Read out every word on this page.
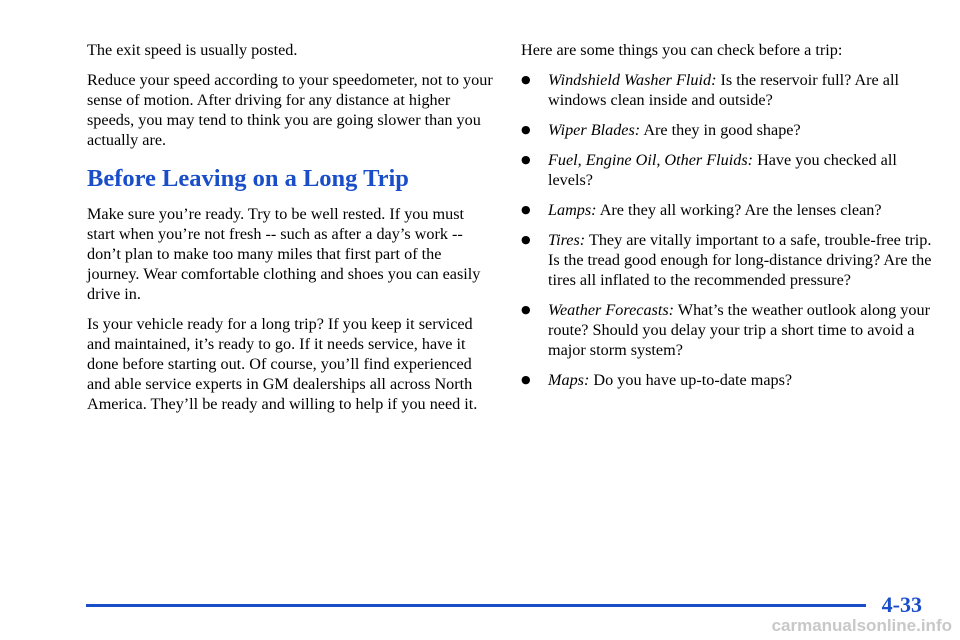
The exit speed is usually posted.

Reduce your speed according to your speedometer, not to your sense of motion. After driving for any distance at higher speeds, you may tend to think you are going slower than you actually are.

Before Leaving on a Long Trip

Make sure you’re ready. Try to be well rested. If you must start when you’re not fresh -- such as after a day’s work -- don’t plan to make too many miles that first part of the journey. Wear comfortable clothing and shoes you can easily drive in.

Is your vehicle ready for a long trip? If you keep it serviced and maintained, it’s ready to go. If it needs service, have it done before starting out. Of course, you’ll find experienced and able service experts in GM dealerships all across North America. They’ll be ready and willing to help if you need it.

Here are some things you can check before a trip:

● Windshield Washer Fluid: Is the reservoir full? Are all windows clean inside and outside?
● Wiper Blades: Are they in good shape?
● Fuel, Engine Oil, Other Fluids: Have you checked all levels?
● Lamps: Are they all working? Are the lenses clean?
● Tires: They are vitally important to a safe, trouble-free trip. Is the tread good enough for long-distance driving? Are the tires all inflated to the recommended pressure?
● Weather Forecasts: What’s the weather outlook along your route? Should you delay your trip a short time to avoid a major storm system?
● Maps: Do you have up-to-date maps?
4-33
carmanualsonline.info
